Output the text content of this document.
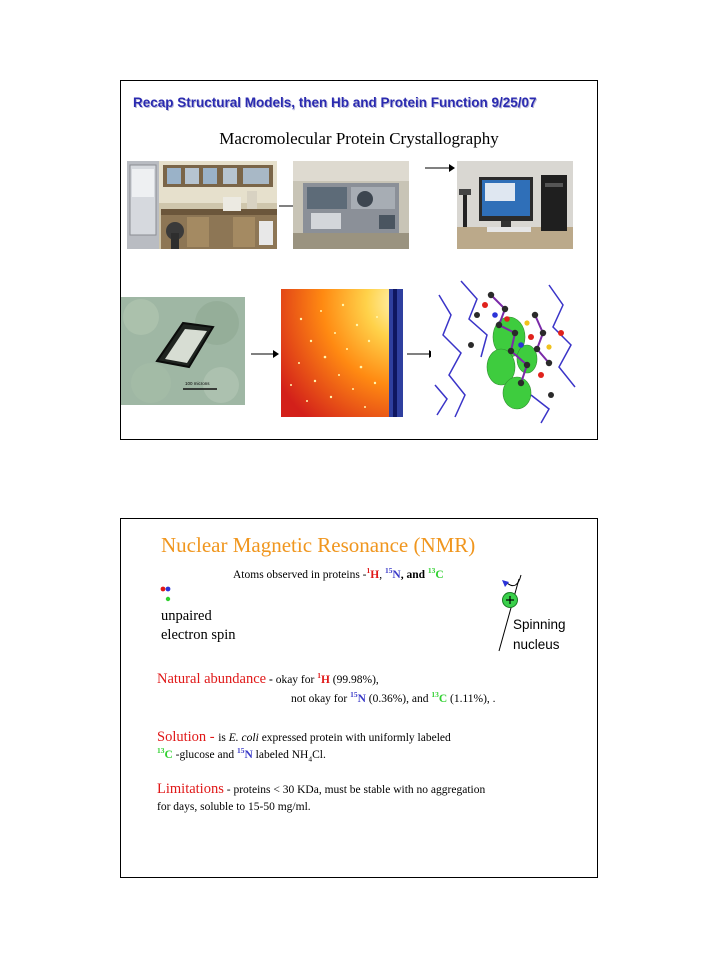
Recap Structural Models, then Hb and Protein Function 9/25/07
Macromolecular Protein Crystallography
100 microns
Nuclear Magnetic Resonance (NMR)
Atoms observed in proteins -$^1$H, $^{15}$N, and $^{13}$C
unpaired
electron spin
Spinning
nucleus
Natural abundance - okay for $^1$H (99.98%),
not okay for $^{15}$N (0.36%), and $^{13}$C (1.11%), .
Solution - is E. coli expressed protein with uniformly labeled
$^{13}$C -glucose and $^{15}$N labeled $NH_4Cl$.
Limitations - proteins < 30 KDa, must be stable with no aggregation
for days, soluble to 15-50 mg/ml.
